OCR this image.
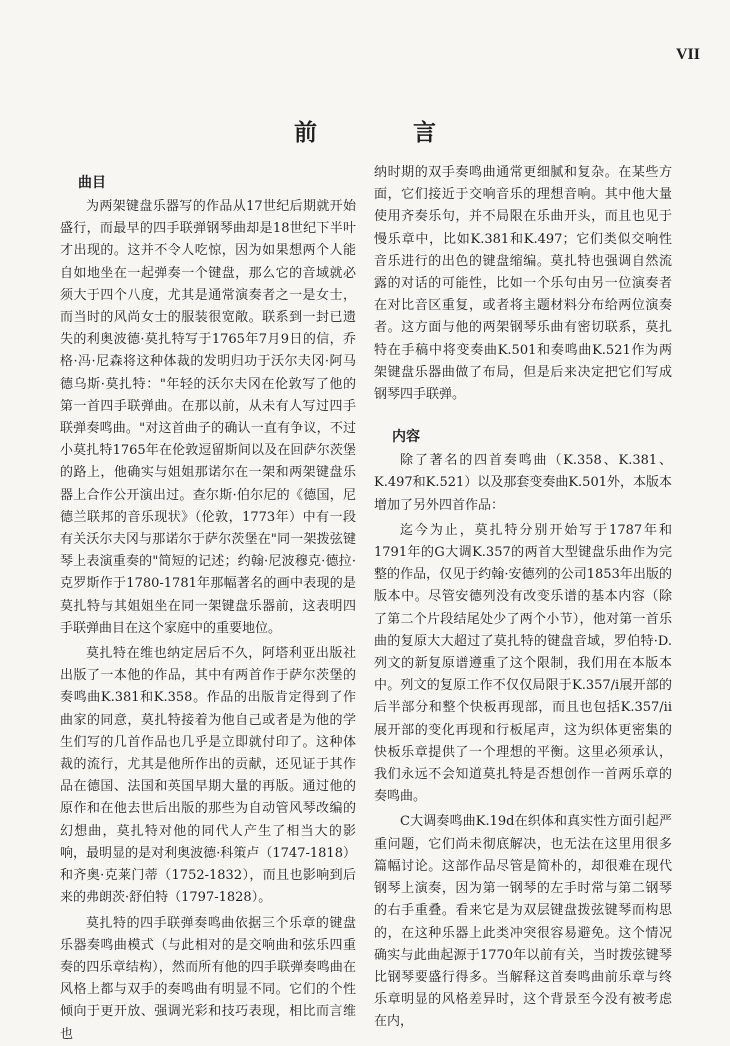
VII
前 言
曲目

为两架键盘乐器写的作品从17世纪后期就开始盛行，而最早的四手联弹钢琴曲却是18世纪下半叶才出现的。这并不令人吃惊，因为如果想两个人能自如地坐在一起弹奏一个键盘，那么它的音域就必须大于四个八度，尤其是通常演奏者之一是女士，而当时的风尚女士的服装很宽敞。联系到一封已遗失的利奥波德·莫扎特写于1765年7月9日的信，乔格·冯·尼森将这种体裁的发明归功于沃尔夫冈·阿马德乌斯·莫扎特："年轻的沃尔夫冈在伦敦写了他的第一首四手联弹曲。在那以前，从未有人写过四手联弹奏鸣曲。"对这首曲子的确认一直有争议，不过小莫扎特1765年在伦敦逗留斯间以及在回萨尔茨堡的路上，他确实与姐姐那诺尔在一架和两架键盘乐器上合作公开演出过。查尔斯·伯尔尼的《德国，尼德兰联邦的音乐现状》（伦敦，1773年）中有一段有关沃尔夫冈与那诺尔于萨尔茨堡在"同一架拨弦键琴上表演重奏的"简短的记述；约翰·尼波穆克·德拉·克罗斯作于1780-1781年那幅著名的画中表现的是莫扎特与其姐姐坐在同一架键盘乐器前，这表明四手联弹曲目在这个家庭中的重要地位。

莫扎特在维也纳定居后不久，阿塔利亚出版社出版了一本他的作品，其中有两首作于萨尔茨堡的奏鸣曲K.381和K.358。作品的出版肯定得到了作曲家的同意，莫扎特接着为他自己或者是为他的学生们写的几首作品也几乎是立即就付印了。这种体裁的流行，尤其是他所作出的贡献，还见证于其作品在德国、法国和英国早期大量的再版。通过他的原作和在他去世后出版的那些为自动管风琴改编的幻想曲，莫扎特对他的同代人产生了相当大的影响，最明显的是对利奥波德·科策卢（1747-1818）和齐奥·克莱门蒂（1752-1832），而且也影响到后来的弗朗茨·舒伯特（1797-1828）。

莫扎特的四手联弹奏鸣曲依据三个乐章的键盘乐器奏鸣曲模式（与此相对的是交响曲和弦乐四重奏的四乐章结构），然而所有他的四手联弹奏鸣曲在风格上都与双手的奏鸣曲有明显不同。它们的个性倾向于更开放、强调光彩和技巧表现，相比而言维也

纳时期的双手奏鸣曲通常更细腻和复杂。在某些方面，它们接近于交响音乐的理想音响。其中他大量使用齐奏乐句，并不局限在乐曲开头，而且也见于慢乐章中，比如K.381和K.497；它们类似交响性音乐进行的出色的键盘缩编。莫扎特也强调自然流露的对话的可能性，比如一个乐句由另一位演奏者在对比音区重复，或者将主题材料分布给两位演奏者。这方面与他的两架钢琴乐曲有密切联系，莫扎特在手稿中将变奏曲K.501和奏鸣曲K.521作为两架键盘乐器曲做了布局，但是后来决定把它们写成钢琴四手联弹。

内容

除了著名的四首奏鸣曲（K.358、K.381、K.497和K.521）以及那套变奏曲K.501外，本版本增加了另外四首作品：

迄今为止，莫扎特分别开始写于1787年和1791年的G大调K.357的两首大型键盘乐曲作为完整的作品，仅见于约翰·安德列的公司1853年出版的版本中。尽管安德列没有改变乐谱的基本内容（除了第二个片段结尾处少了两个小节），他对第一首乐曲的复原大大超过了莫扎特的键盘音域，罗伯特·D.列文的新复原谱遵重了这个限制，我们用在本版本中。列文的复原工作不仅仅局限于K.357/i展开部的后半部分和整个快板再现部，而且也包括K.357/ii展开部的变化再现和行板尾声，这为织体更密集的快板乐章提供了一个理想的平衡。这里必须承认，我们永远不会知道莫扎特是否想创作一首两乐章的奏鸣曲。

C大调奏鸣曲K.19d在织体和真实性方面引起严重问题，它们尚未彻底解决，也无法在这里用很多篇幅讨论。这部作品尽管是简朴的，却很难在现代钢琴上演奏，因为第一钢琴的左手时常与第二钢琴的右手重叠。看来它是为双层键盘拨弦键琴而构思的，在这种乐器上此类冲突很容易避免。这个情况确实与此曲起源于1770年以前有关，当时拨弦键琴比钢琴要盛行得多。当解释这首奏鸣曲前乐章与终乐章明显的风格差异时，这个背景至今没有被考虑在内，
